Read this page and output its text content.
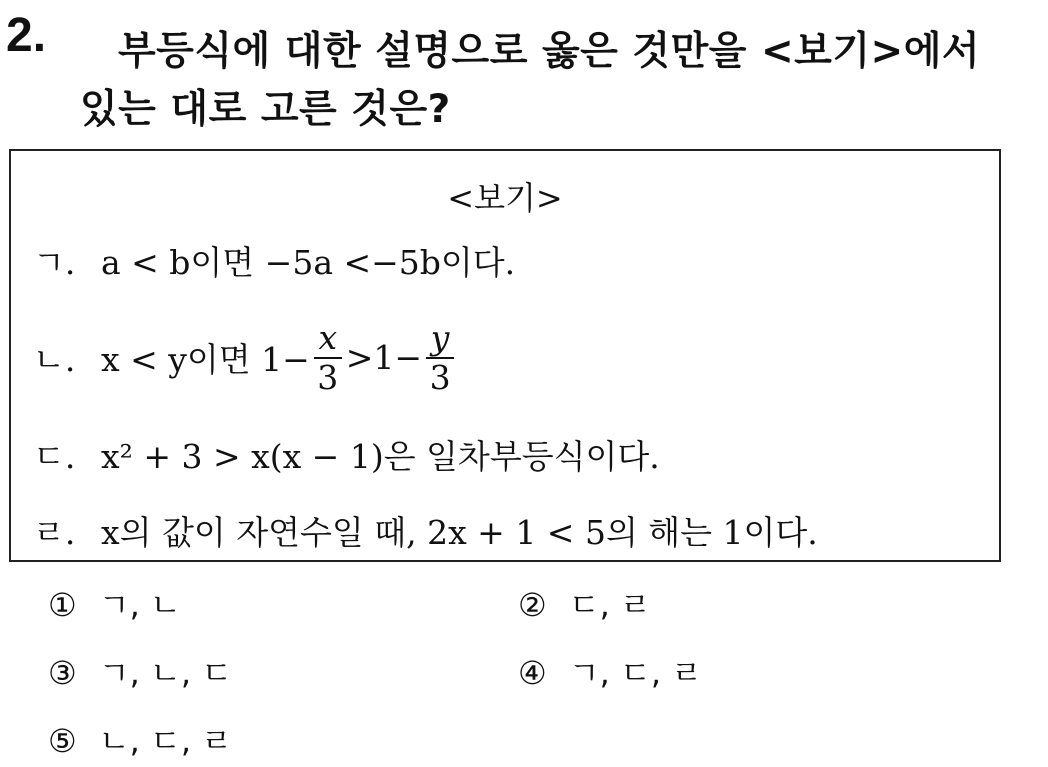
2. 부등식에 대한 설명으로 옳은 것만을 <보기>에서
있는 대로 고른 것은?
<보기>
ㄱ. a < b이면 −5a <−5b이다.
ㄴ. x < y이면 $1- \frac{x}{3} >1- \frac{y}{3}$
ㄷ. x² + 3 > x(x − 1)은 일차부등식이다.
ㄹ. x의 값이 자연수일 때, 2x + 1 < 5의 해는 1이다.
① ㄱ, ㄴ	② ㄷ, ㄹ
③ ㄱ, ㄴ, ㄷ	④ ㄱ, ㄷ, ㄹ
⑤ ㄴ, ㄷ, ㄹ
